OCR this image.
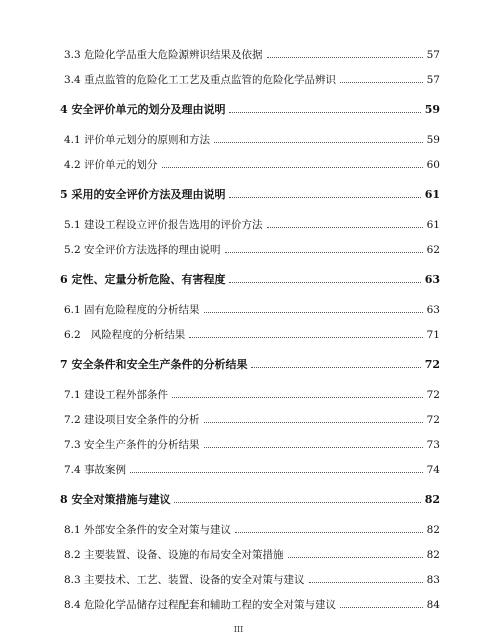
3.3 危险化学品重大危险源辨识结果及依据	57
3.4 重点监管的危险化工工艺及重点监管的危险化学品辨识	57
4 安全评价单元的划分及理由说明	59
4.1 评价单元划分的原则和方法	59
4.2 评价单元的划分	60
5 采用的安全评价方法及理由说明	61
5.1 建设工程设立评价报告选用的评价方法	61
5.2 安全评价方法选择的理由说明	62
6 定性、定量分析危险、有害程度	63
6.1 固有危险程度的分析结果	63
6.2   风险程度的分析结果	71
7 安全条件和安全生产条件的分析结果	72
7.1 建设工程外部条件	72
7.2 建设项目安全条件的分析	72
7.3 安全生产条件的分析结果	73
7.4 事故案例	74
8 安全对策措施与建议	82
8.1 外部安全条件的安全对策与建议	82
8.2 主要装置、设备、设施的布局安全对策措施	82
8.3 主要技术、工艺、装置、设备的安全对策与建议	83
8.4 危险化学品储存过程配套和辅助工程的安全对策与建议	84
III
